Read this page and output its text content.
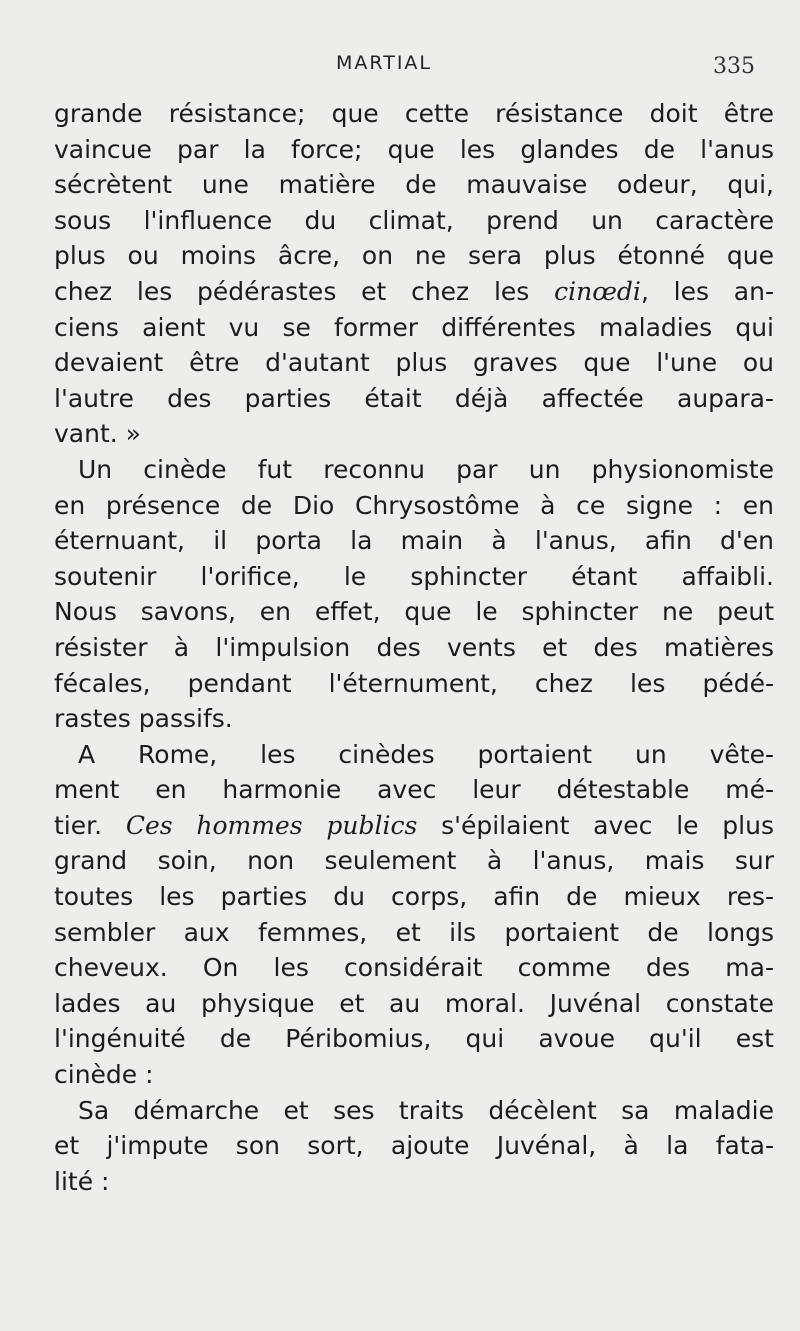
MARTIAL	335
grande résistance; que cette résistance doit être
vaincue par la force; que les glandes de l'anus
sécrètent une matière de mauvaise odeur, qui,
sous l'influence du climat, prend un caractère
plus ou moins âcre, on ne sera plus étonné que
chez les pédérastes et chez les cinœdi, les an-
ciens aient vu se former différentes maladies qui
devaient être d'autant plus graves que l'une ou
l'autre des parties était déjà affectée aupara-
vant. »
Un cinède fut reconnu par un physionomiste
en présence de Dio Chrysostôme à ce signe : en
éternuant, il porta la main à l'anus, afin d'en
soutenir l'orifice, le sphincter étant affaibli.
Nous savons, en effet, que le sphincter ne peut
résister à l'impulsion des vents et des matières
fécales, pendant l'éternument, chez les pédé-
rastes passifs.
A Rome, les cinèdes portaient un vête-
ment en harmonie avec leur détestable mé-
tier. Ces hommes publics s'épilaient avec le plus
grand soin, non seulement à l'anus, mais sur
toutes les parties du corps, afin de mieux res-
sembler aux femmes, et ils portaient de longs
cheveux. On les considérait comme des ma-
lades au physique et au moral. Juvénal constate
l'ingénuité de Péribomius, qui avoue qu'il est
cinède :
Sa démarche et ses traits décèlent sa maladie
et j'impute son sort, ajoute Juvénal, à la fata-
lité :
